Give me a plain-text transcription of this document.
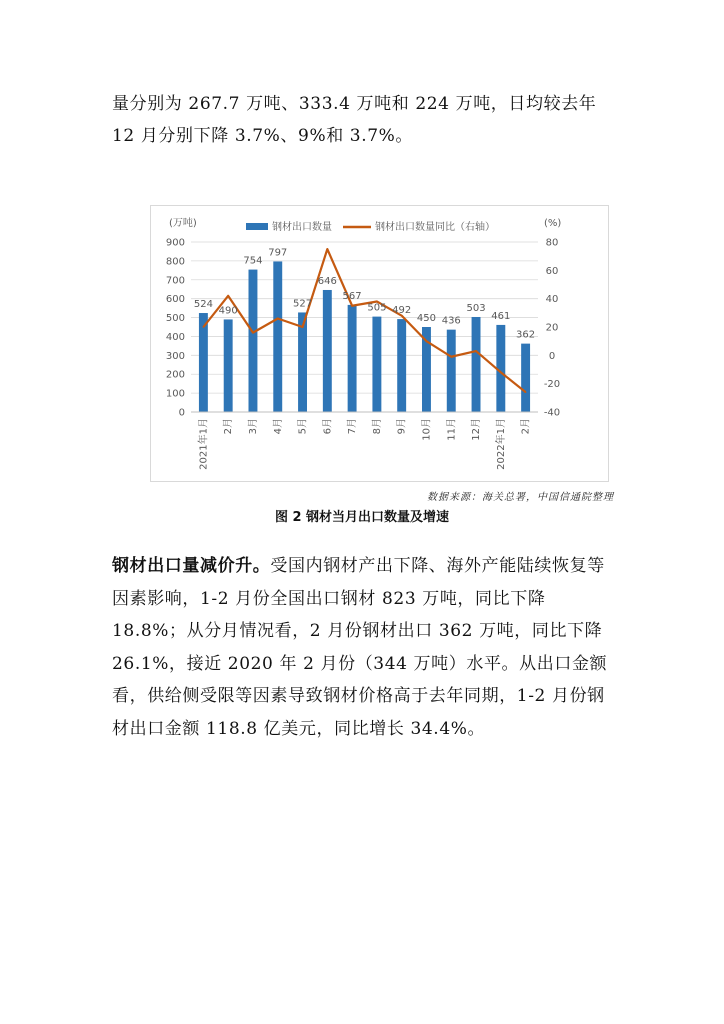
量分别为 267.7 万吨、333.4 万吨和 224 万吨，日均较去年 12 月分别下降 3.7%、9%和 3.7%。

524
490
754
797
527
646
567
505 492
450 436
503
461
362
0
100
200
300
400
500
600
700
800
900
-40
-20
0
20
40
60
80
(万吨)	(%)
2021年1月 2月 3月 4月 5月 6月 7月 8月 9月 10月 11月 12月 2022年1月 2月
钢材出口数量	钢材出口数量同比（右轴）
数据来源：海关总署，中国信通院整理
图 2 钢材当月出口数量及增速

钢材出口量减价升。受国内钢材产出下降、海外产能陆续恢复等因素影响，1-2 月份全国出口钢材 823 万吨，同比下降 18.8%；从分月情况看，2 月份钢材出口 362 万吨，同比下降 26.1%，接近 2020 年 2 月份（344 万吨）水平。从出口金额看，供给侧受限等因素导致钢材价格高于去年同期，1-2 月份钢材出口金额 118.8 亿美元，同比增长 34.4%。
